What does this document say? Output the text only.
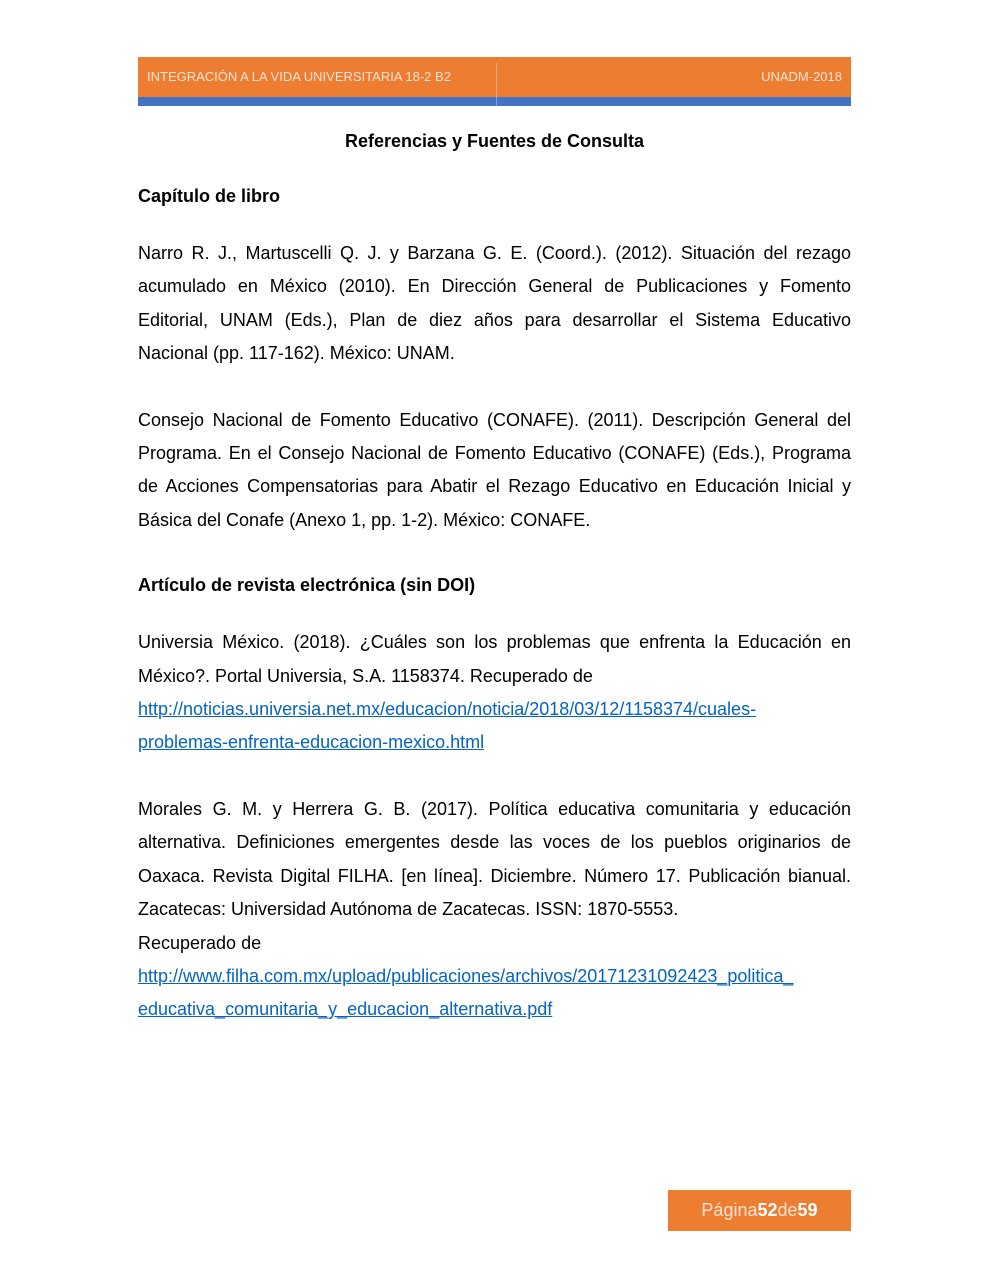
INTEGRACIÓN A LA VIDA UNIVERSITARIA 18-2 B2	UNADM-2018
Referencias y Fuentes de Consulta
Capítulo de libro

Narro R. J., Martuscelli Q. J. y Barzana G. E. (Coord.). (2012). Situación del rezago acumulado en México (2010). En Dirección General de Publicaciones y Fomento Editorial, UNAM (Eds.), Plan de diez años para desarrollar el Sistema Educativo Nacional (pp. 117-162). México: UNAM.

Consejo Nacional de Fomento Educativo (CONAFE). (2011). Descripción General del Programa. En el Consejo Nacional de Fomento Educativo (CONAFE) (Eds.), Programa de Acciones Compensatorias para Abatir el Rezago Educativo en Educación Inicial y Básica del Conafe (Anexo 1, pp. 1-2). México: CONAFE.

Artículo de revista electrónica (sin DOI)

Universia México. (2018). ¿Cuáles son los problemas que enfrenta la Educación en México?. Portal Universia, S.A. 1158374. Recuperado de
http://noticias.universia.net.mx/educacion/noticia/2018/03/12/1158374/cuales-
problemas-enfrenta-educacion-mexico.html

Morales G. M. y Herrera G. B. (2017). Política educativa comunitaria y educación alternativa. Definiciones emergentes desde las voces de los pueblos originarios de Oaxaca. Revista Digital FILHA. [en línea]. Diciembre. Número 17. Publicación bianual. Zacatecas: Universidad Autónoma de Zacatecas. ISSN: 1870-5553.
Recuperado de
http://www.filha.com.mx/upload/publicaciones/archivos/20171231092423_politica_
educativa_comunitaria_y_educacion_alternativa.pdf

Página 52 de 59
